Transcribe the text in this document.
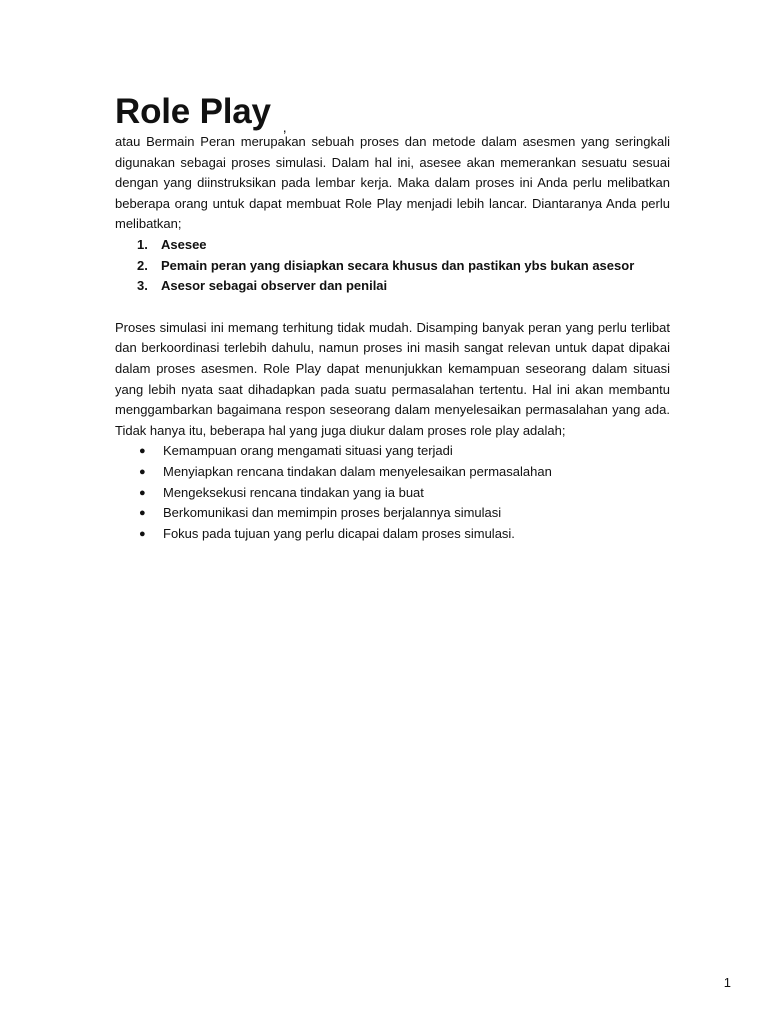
Role Play ,

atau Bermain Peran merupakan sebuah proses dan metode dalam asesmen yang seringkali digunakan sebagai proses simulasi. Dalam hal ini, asesee akan memerankan sesuatu sesuai dengan yang diinstruksikan pada lembar kerja. Maka dalam proses ini Anda perlu melibatkan beberapa orang untuk dapat membuat Role Play menjadi lebih lancar. Diantaranya Anda perlu melibatkan;

1.	Asesee
2.	Pemain peran yang disiapkan secara khusus dan pastikan ybs bukan asesor
3.	Asesor sebagai observer dan penilai

Proses simulasi ini memang terhitung tidak mudah. Disamping banyak peran yang perlu terlibat dan berkoordinasi terlebih dahulu, namun proses ini masih sangat relevan untuk dapat dipakai dalam proses asesmen. Role Play dapat menunjukkan kemampuan seseorang dalam situasi yang lebih nyata saat dihadapkan pada suatu permasalahan tertentu. Hal ini akan membantu menggambarkan bagaimana respon seseorang dalam menyelesaikan permasalahan yang ada. Tidak hanya itu, beberapa hal yang juga diukur dalam proses role play adalah;

●	Kemampuan orang mengamati situasi yang terjadi
●	Menyiapkan rencana tindakan dalam menyelesaikan permasalahan
●	Mengeksekusi rencana tindakan yang ia buat
●	Berkomunikasi dan memimpin proses berjalannya simulasi
●	Fokus pada tujuan yang perlu dicapai dalam proses simulasi.
1
